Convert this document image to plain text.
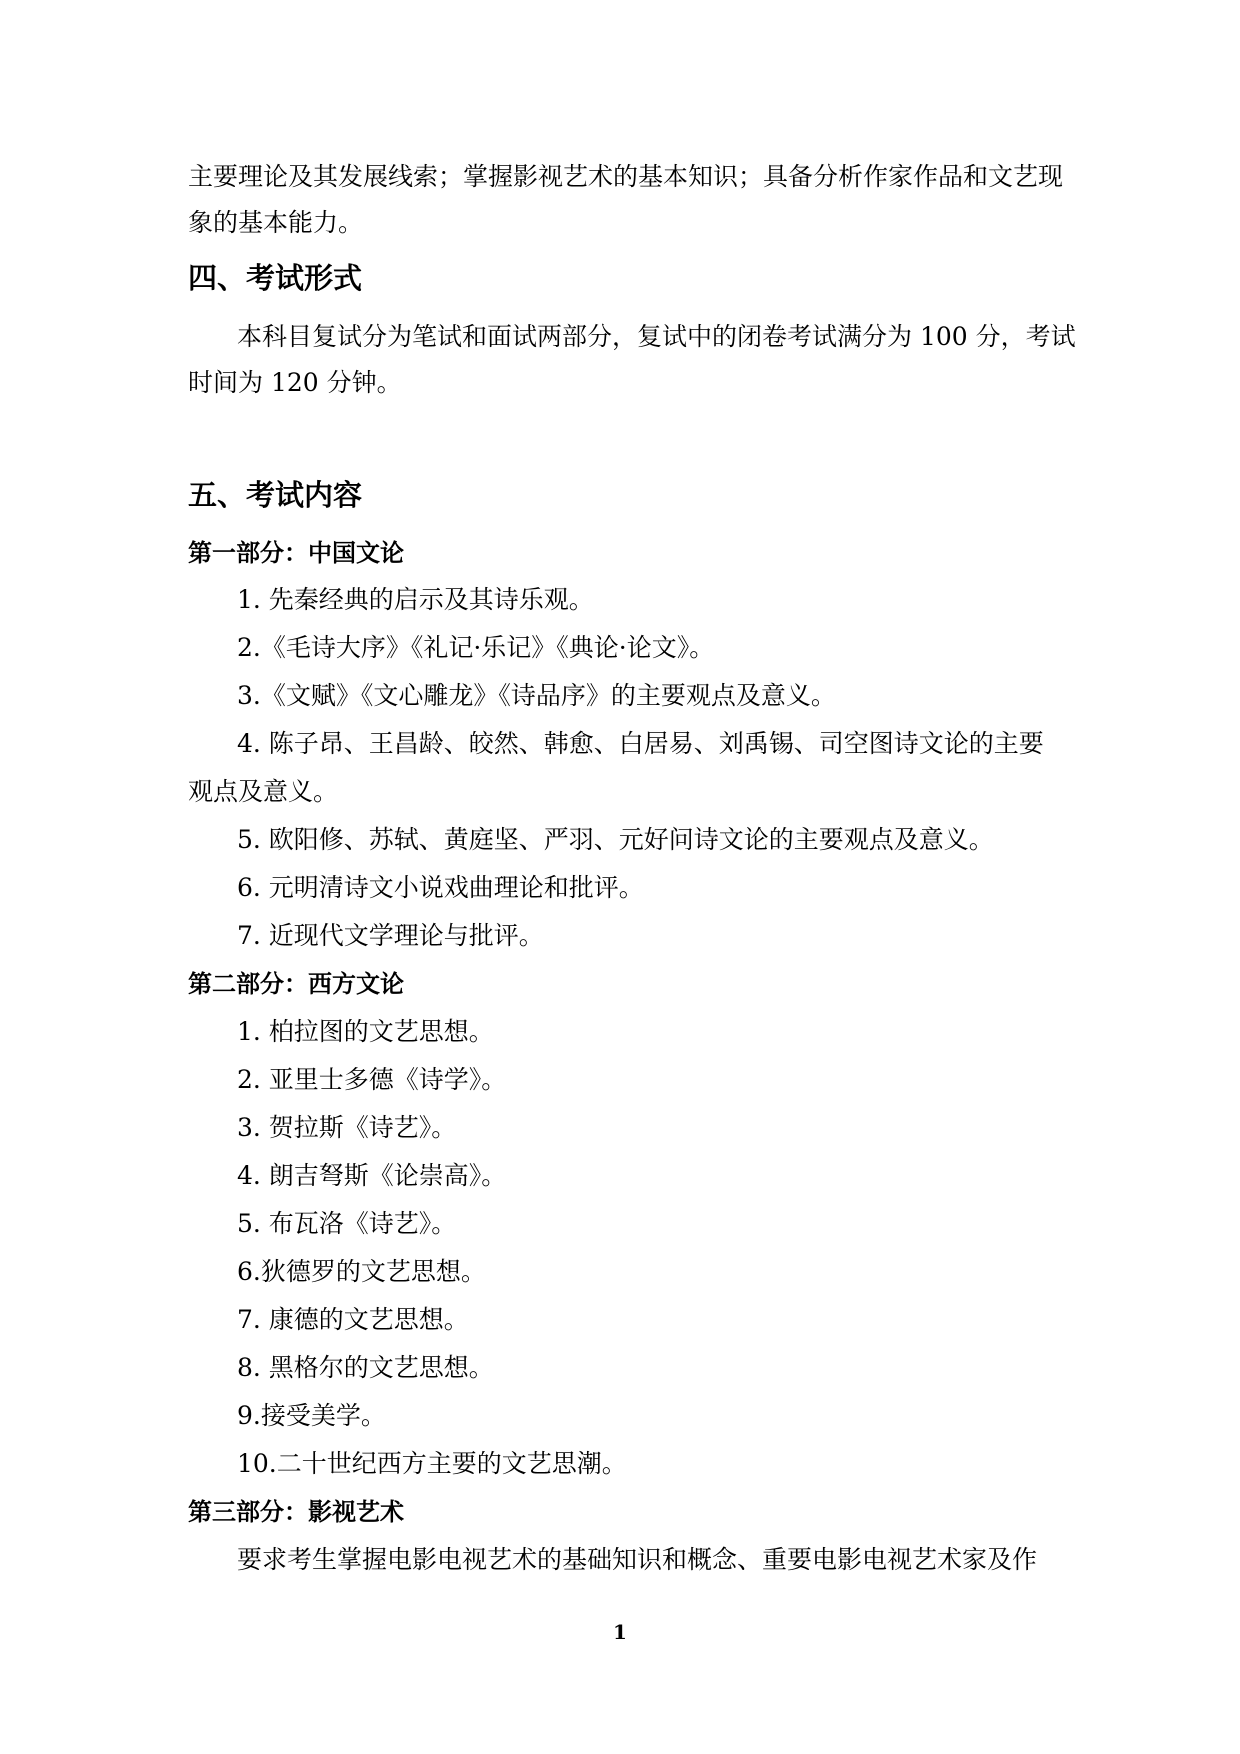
主要理论及其发展线索；掌握影视艺术的基本知识；具备分析作家作品和文艺现
象的基本能力。
四、考试形式
本科目复试分为笔试和面试两部分，复试中的闭卷考试满分为 100 分，考试
时间为 120 分钟。
五、考试内容
第一部分：中国文论
1. 先秦经典的启示及其诗乐观。
2.《毛诗大序》《礼记·乐记》《典论·论文》。
3.《文赋》《文心雕龙》《诗品序》的主要观点及意义。
4. 陈子昂、王昌龄、皎然、韩愈、白居易、刘禹锡、司空图诗文论的主要
观点及意义。
5. 欧阳修、苏轼、黄庭坚、严羽、元好问诗文论的主要观点及意义。
6. 元明清诗文小说戏曲理论和批评。
7. 近现代文学理论与批评。
第二部分：西方文论
1. 柏拉图的文艺思想。
2. 亚里士多德《诗学》。
3. 贺拉斯《诗艺》。
4. 朗吉弩斯《论崇高》。
5. 布瓦洛《诗艺》。
6.狄德罗的文艺思想。
7. 康德的文艺思想。
8. 黑格尔的文艺思想。
9.接受美学。
10.二十世纪西方主要的文艺思潮。
第三部分：影视艺术
要求考生掌握电影电视艺术的基础知识和概念、重要电影电视艺术家及作
1
